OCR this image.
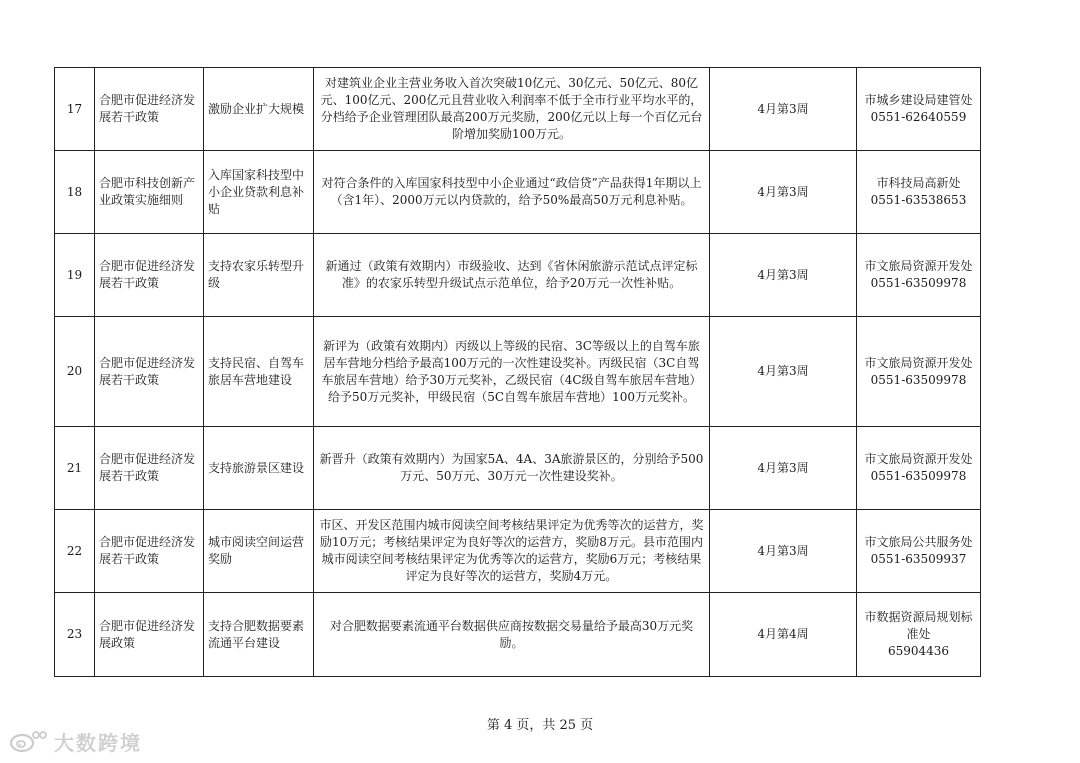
17	合肥市促进经济发展若干政策	激励企业扩大规模	对建筑业企业主营业务收入首次突破10亿元、30亿元、50亿元、80亿元、100亿元、200亿元且营业收入利润率不低于全市行业平均水平的，分档给予企业管理团队最高200万元奖励，200亿元以上每一个百亿元台阶增加奖励100万元。	4月第3周	市城乡建设局建管处
0551-62640559

18	合肥市科技创新产业政策实施细则	入库国家科技型中小企业贷款利息补贴	对符合条件的入库国家科技型中小企业通过“政信贷”产品获得1年期以上（含1年）、2000万元以内贷款的，给予50%最高50万元利息补贴。	4月第3周	市科技局高新处
0551-63538653

19	合肥市促进经济发展若干政策	支持农家乐转型升级	新通过（政策有效期内）市级验收、达到《省休闲旅游示范试点评定标准》的农家乐转型升级试点示范单位，给予20万元一次性补贴。	4月第3周	市文旅局资源开发处
0551-63509978

20	合肥市促进经济发展若干政策	支持民宿、自驾车旅居车营地建设	新评为（政策有效期内）丙级以上等级的民宿、3C等级以上的自驾车旅居车营地分档给予最高100万元的一次性建设奖补。丙级民宿（3C自驾车旅居车营地）给予30万元奖补，乙级民宿（4C级自驾车旅居车营地）给予50万元奖补，甲级民宿（5C自驾车旅居车营地）100万元奖补。	4月第3周	市文旅局资源开发处
0551-63509978

21	合肥市促进经济发展若干政策	支持旅游景区建设	新晋升（政策有效期内）为国家5A、4A、3A旅游景区的，分别给予500万元、50万元、30万元一次性建设奖补。	4月第3周	市文旅局资源开发处
0551-63509978

22	合肥市促进经济发展若干政策	城市阅读空间运营奖励	市区、开发区范围内城市阅读空间考核结果评定为优秀等次的运营方，奖励10万元；考核结果评定为良好等次的运营方，奖励8万元。县市范围内城市阅读空间考核结果评定为优秀等次的运营方，奖励6万元；考核结果评定为良好等次的运营方，奖励4万元。	4月第3周	市文旅局公共服务处
0551-63509937

23	合肥市促进经济发展政策	支持合肥数据要素流通平台建设	对合肥数据要素流通平台数据供应商按数据交易量给予最高30万元奖励。	4月第4周	市数据资源局规划标准处
65904436
第 4 页，共 25 页
大数跨境
